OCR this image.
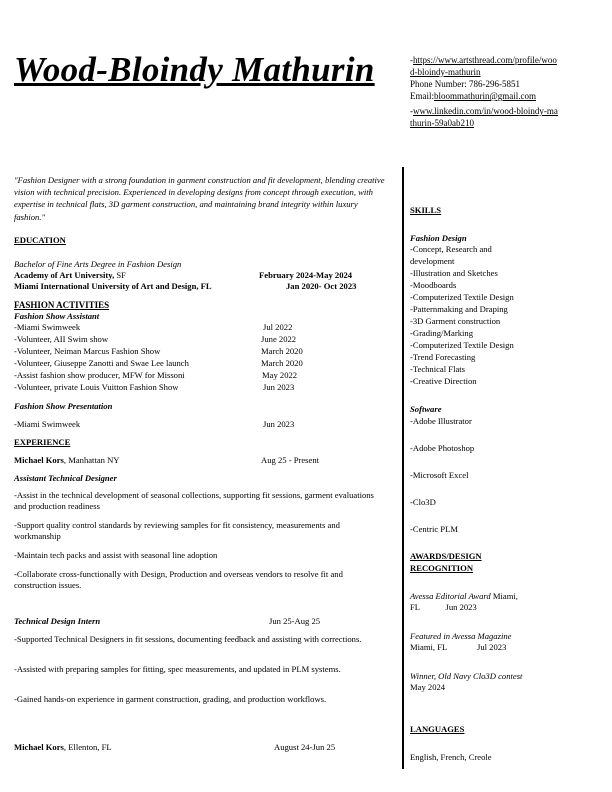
Wood-Bloindy Mathurin	-https://www.artsthread.com/profile/wood-bloindy-mathurin
Phone Number: 786-296-5851
Email:bloommathurin@gmail.com
-www.linkedin.com/in/wood-bloindy-mathurin-59a0ab210
"Fashion Designer with a strong foundation in garment construction and fit development, blending creative vision with technical precision. Experienced in developing designs from concept through execution, with expertise in technical flats, 3D garment construction, and maintaining brand integrity within luxury fashion."
EDUCATION
Bachelor of Fine Arts Degree in Fashion Design
Academy of Art University, SF	February 2024-May 2024
Miami International University of Art and Design, FL	Jan 2020- Oct 2023
FASHION ACTIVITIES
Fashion Show Assistant
-Miami Swimweek	Jul 2022
-Volunteer, AII Swim show	June 2022
-Volunteer, Neiman Marcus Fashion Show	March 2020
-Volunteer, Giuseppe Zanotti and Swae Lee launch	March 2020
-Assist fashion show producer, MFW for Missoni	May 2022
-Volunteer, private Louis Vuitton Fashion Show	Jun 2023
Fashion Show Presentation
-Miami Swimweek	Jun 2023
EXPERIENCE
Michael Kors, Manhattan NY	Aug 25 - Present
Assistant Technical Designer
-Assist in the technical development of seasonal collections, supporting fit sessions, garment evaluations and production readiness
-Support quality control standards by reviewing samples for fit consistency, measurements and workmanship
-Maintain tech packs and assist with seasonal line adoption
-Collaborate cross-functionally with Design, Production and overseas vendors to resolve fit and construction issues.
Technical Design Intern	Jun 25-Aug 25
-Supported Technical Designers in fit sessions, documenting feedback and assisting with corrections.
-Assisted with preparing samples for fitting, spec measurements, and updated in PLM systems.
-Gained hands-on experience in garment construction, grading, and production workflows.
Michael Kors, Ellenton, FL	August 24-Jun 25
SKILLS
Fashion Design
-Concept, Research and development
-Illustration and Sketches
-Moodboards
-Computerized Textile Design
-Patternmaking and Draping
-3D Garment construction
-Grading/Marking
-Computerized Textile Design
-Trend Forecasting
-Technical Flats
-Creative Direction
Software
-Adobe Illustrator
-Adobe Photoshop
-Microsoft Excel
-Clo3D
-Centric PLM
AWARDS/DESIGN RECOGNITION
Avessa Editorial Award Miami,
FL            Jun 2023
Featured in Avessa Magazine
Miami, FL              Jul 2023
Winner, Old Navy Clo3D contest
May 2024
LANGUAGES
English, French, Creole
